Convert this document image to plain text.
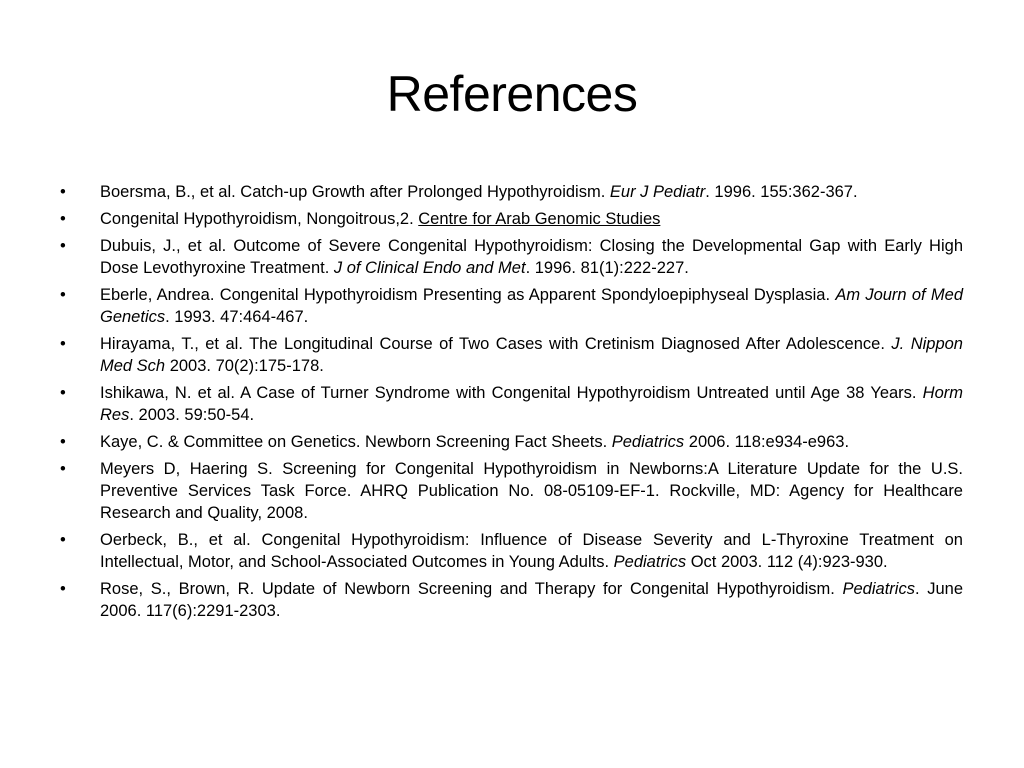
References
• Boersma, B., et al. Catch-up Growth after Prolonged Hypothyroidism. Eur J Pediatr. 1996. 155:362-367.
• Congenital Hypothyroidism, Nongoitrous,2. Centre for Arab Genomic Studies
• Dubuis, J., et al. Outcome of Severe Congenital Hypothyroidism: Closing the Developmental Gap with Early High Dose Levothyroxine Treatment. J of Clinical Endo and Met. 1996. 81(1):222-227.
• Eberle, Andrea. Congenital Hypothyroidism Presenting as Apparent Spondyloepiphyseal Dysplasia. Am Journ of Med Genetics. 1993. 47:464-467.
• Hirayama, T., et al. The Longitudinal Course of Two Cases with Cretinism Diagnosed After Adolescence. J. Nippon Med Sch 2003. 70(2):175-178.
• Ishikawa, N. et al. A Case of Turner Syndrome with Congenital Hypothyroidism Untreated until Age 38 Years. Horm Res. 2003. 59:50-54.
• Kaye, C. & Committee on Genetics. Newborn Screening Fact Sheets. Pediatrics 2006. 118:e934-e963.
• Meyers D, Haering S. Screening for Congenital Hypothyroidism in Newborns:A Literature Update for the U.S. Preventive Services Task Force. AHRQ Publication No. 08-05109-EF-1. Rockville, MD: Agency for Healthcare Research and Quality, 2008.
• Oerbeck, B., et al. Congenital Hypothyroidism: Influence of Disease Severity and L-Thyroxine Treatment on Intellectual, Motor, and School-Associated Outcomes in Young Adults. Pediatrics Oct 2003. 112 (4):923-930.
• Rose, S., Brown, R. Update of Newborn Screening and Therapy for Congenital Hypothyroidism. Pediatrics. June 2006. 117(6):2291-2303.
